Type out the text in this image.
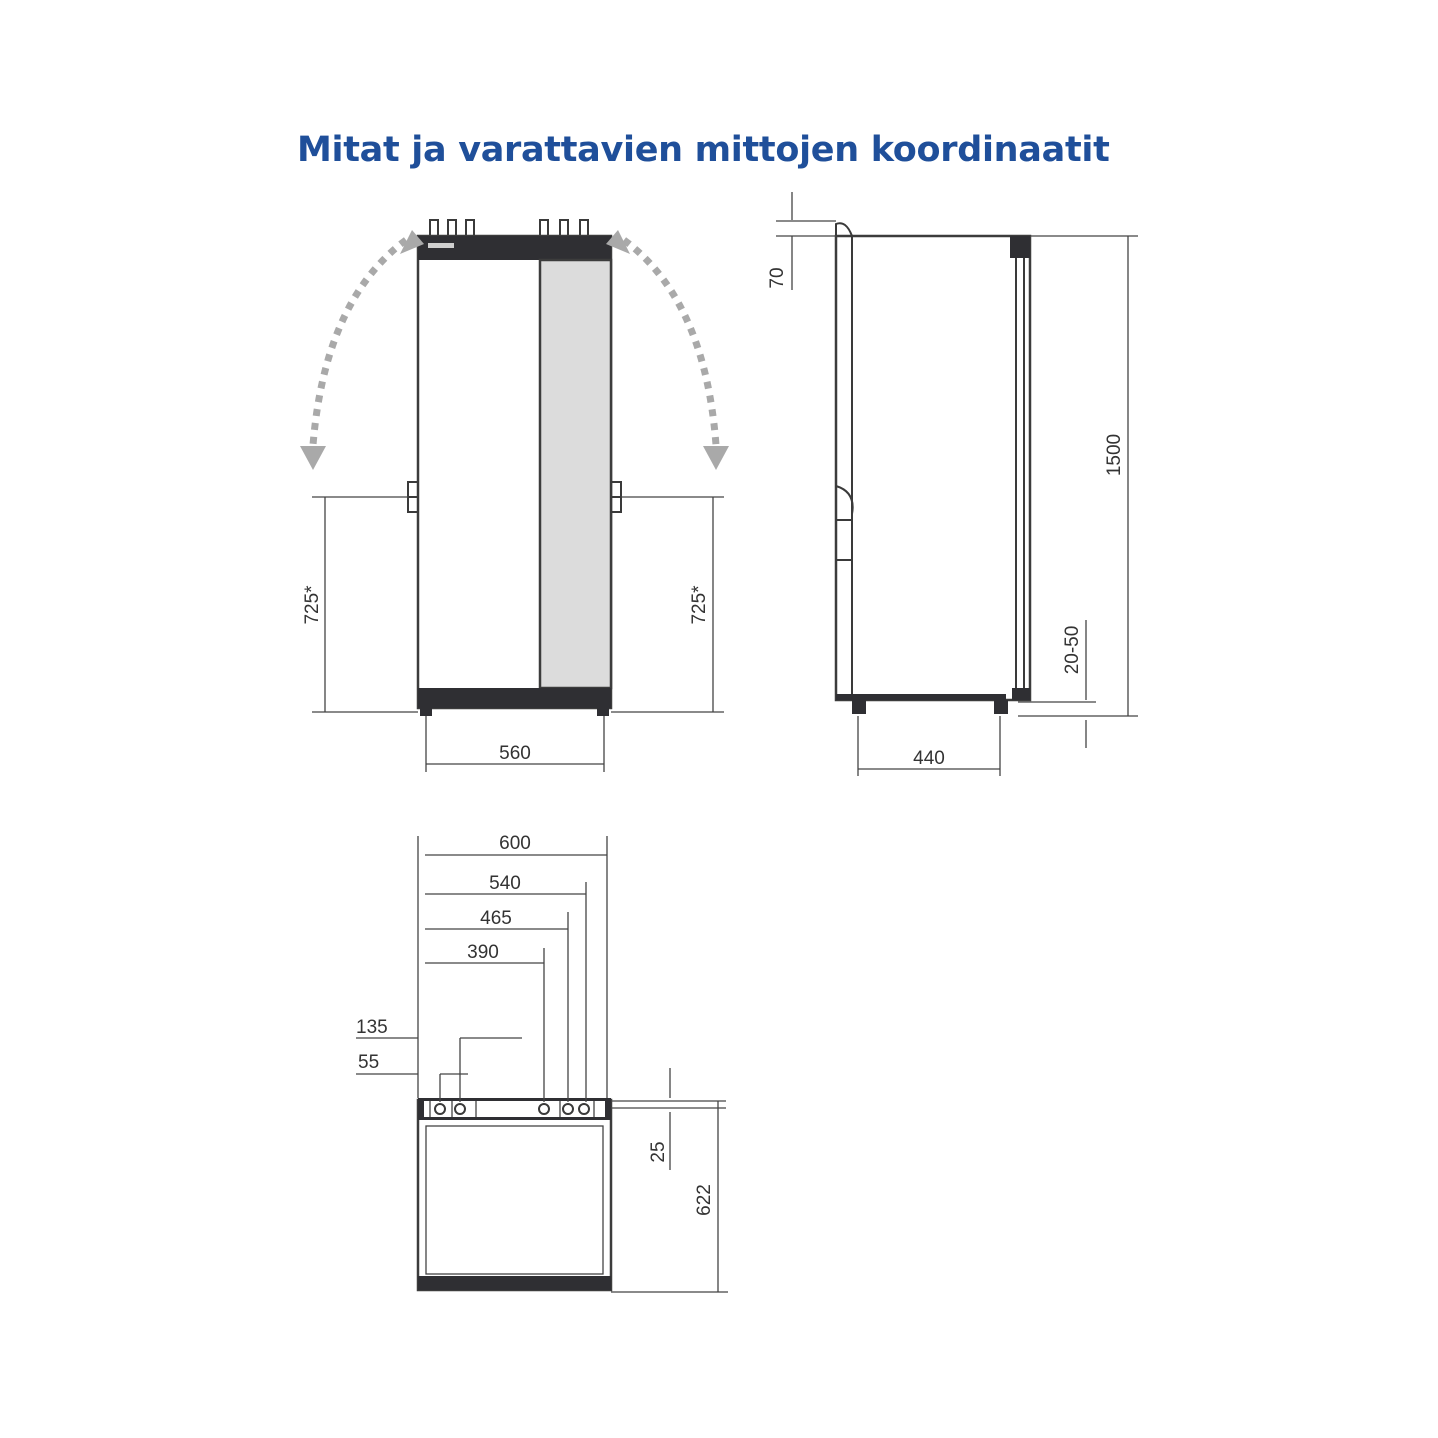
Mitat ja varattavien mittojen koordinaatit
725*	725*
560
70
1500
20-50
440
600
540
465
390
135
55
25
622
